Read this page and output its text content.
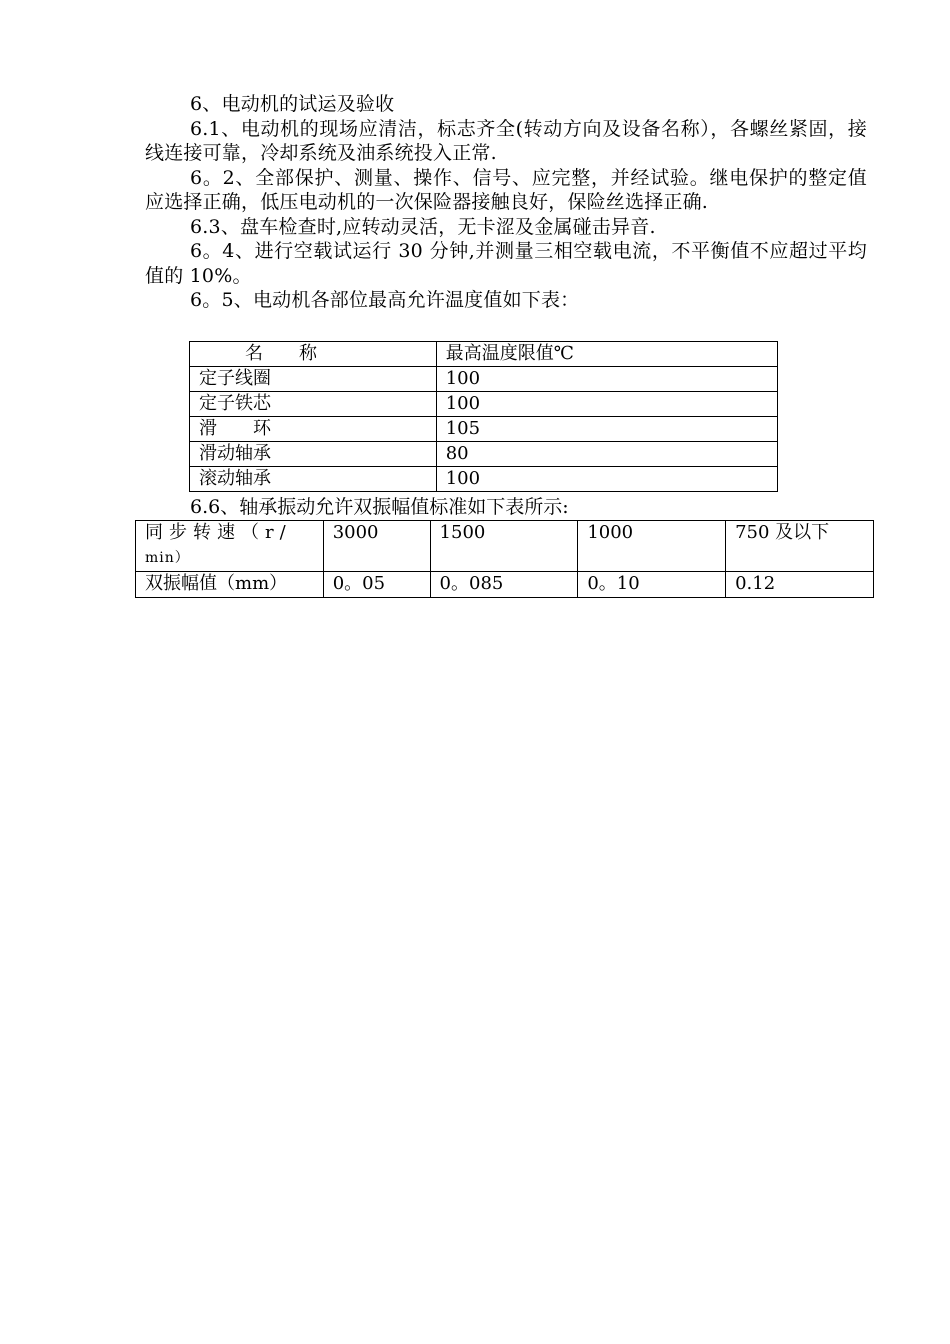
6、电动机的试运及验收

6.1、电动机的现场应清洁，标志齐全(转动方向及设备名称），各螺丝紧固，接线连接可靠，冷却系统及油系统投入正常.

6。2、全部保护、测量、操作、信号、应完整，并经试验。继电保护的整定值应选择正确，低压电动机的一次保险器接触良好，保险丝选择正确.

6.3、盘车检查时,应转动灵活，无卡涩及金属碰击异音.

6。4、进行空载试运行 30 分钟,并测量三相空载电流，不平衡值不应超过平均值的 10%。

6。5、电动机各部位最高允许温度值如下表：

名　　称	最高温度限值℃
定子线圈	100
定子铁芯	100
滑　　环	105
滑动轴承	80
滚动轴承	100

6.6、轴承振动允许双振幅值标准如下表所示:

同步转速（r/
min）	3000	1500	1000	750 及以下
双振幅值（mm）	0。05	0。085	0。10	0.12
